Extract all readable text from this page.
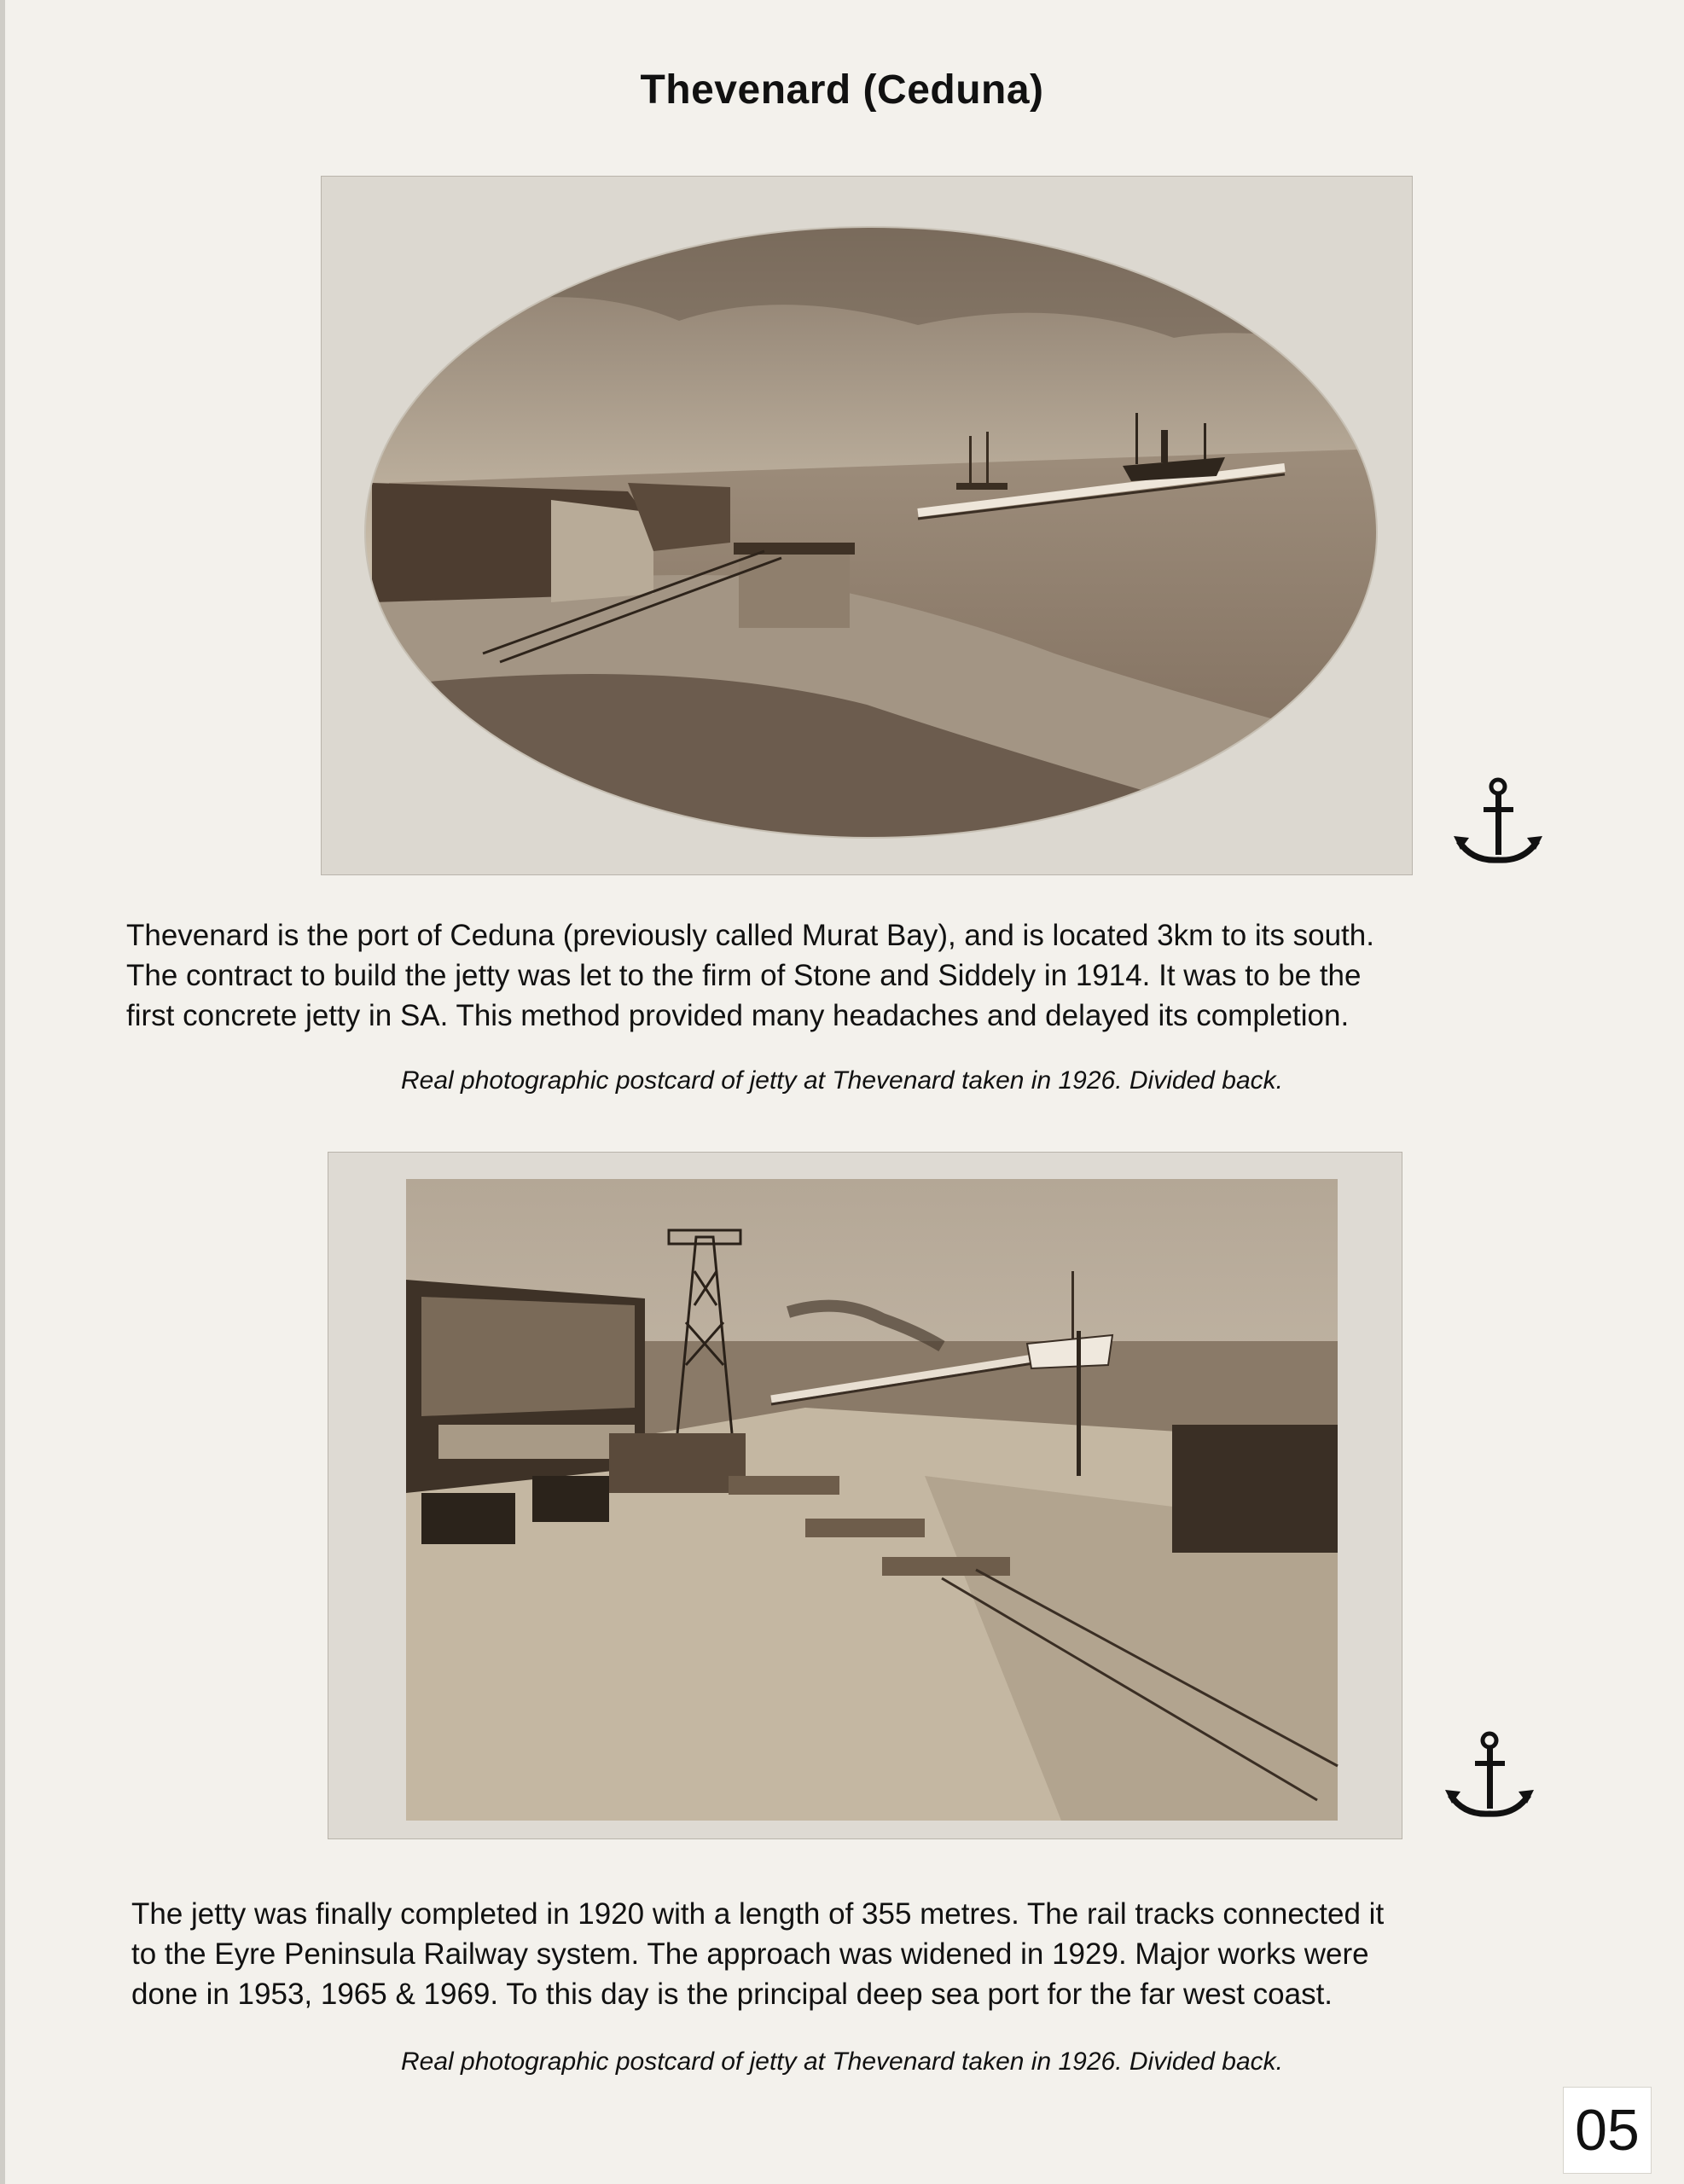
Thevenard (Ceduna)
Thevenard is the port of Ceduna (previously called Murat Bay), and is located 3km to its south.
The contract to build the jetty was let to the firm of Stone and Siddely in 1914. It was to be the
first concrete jetty in SA. This method provided many headaches and delayed its completion.

Real photographic postcard of jetty at Thevenard taken in 1926. Divided back.

The jetty was finally completed in 1920 with a length of 355 metres. The rail tracks connected it
to the Eyre Peninsula Railway system. The approach was widened in 1929. Major works were
done in 1953, 1965 & 1969. To this day is the principal deep sea port for the far west coast.

Real photographic postcard of jetty at Thevenard taken in 1926. Divided back.

05
